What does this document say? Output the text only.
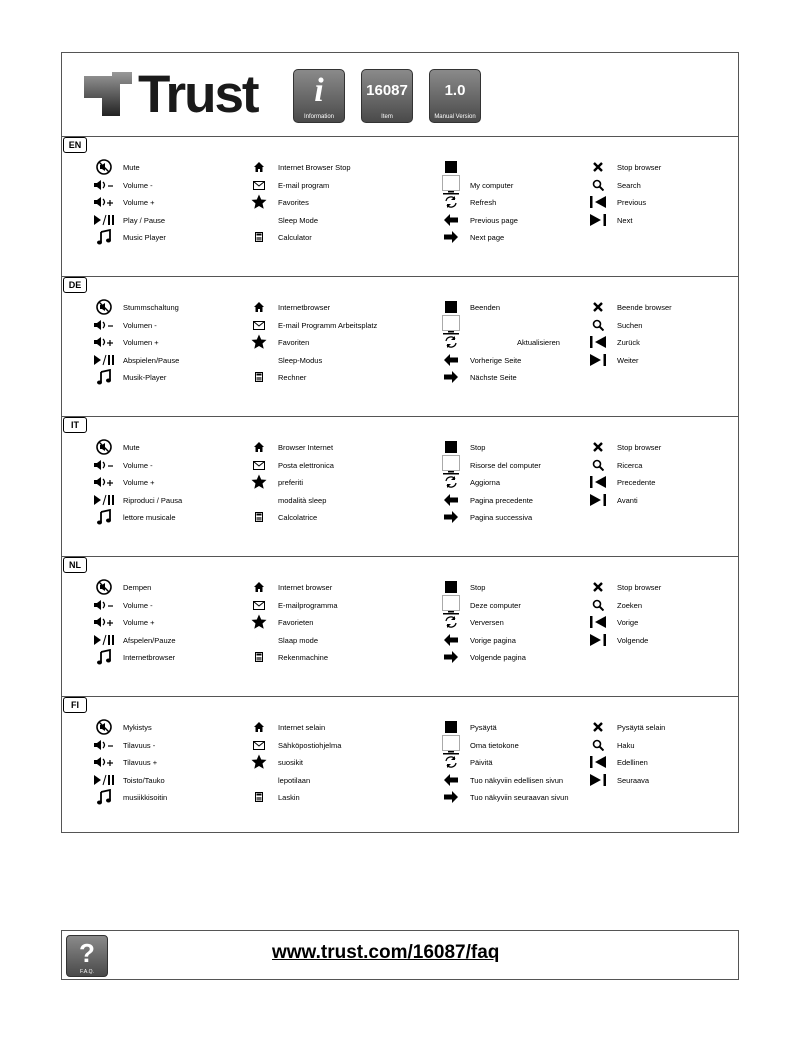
Trust	i
Information
16087
Item
1.0
Manual Version
EN
Mute
Volume -
Volume +
Play / Pause
Music Player
Internet Browser Stop
E-mail program
Favorites
Sleep Mode
Calculator
My computer
Refresh
Previous page
Next page
Stop browser
Search
Previous
Next
DE
Stummschaltung
Volumen -
Volumen +
Abspielen/Pause
Musik-Player
Internetbrowser
E-mail Programm Arbeitsplatz
Favoriten
Sleep-Modus
Rechner
Beenden
Aktualisieren
Vorherige Seite
Nächste Seite
Beende browser
Suchen
Zurück
Weiter
IT
Mute
Volume -
Volume +
Riproduci / Pausa
lettore musicale
Browser Internet
Posta elettronica
preferiti
modalità sleep
Calcolatrice
Stop
Risorse del computer
Aggiorna
Pagina precedente
Pagina successiva
Stop browser
Ricerca
Precedente
Avanti
NL
Dempen
Volume -
Volume +
Afspelen/Pauze
Internetbrowser
Internet browser
E-mailprogramma
Favorieten
Slaap mode
Rekenmachine
Stop
Deze computer
Verversen
Vorige pagina
Volgende pagina
Stop browser
Zoeken
Vorige
Volgende
FI
Mykistys
Tilavuus -
Tilavuus +
Toisto/Tauko
musiikkisoitin
Internet selain
Sähköpostiohjelma
suosikit
lepotilaan
Laskin
Pysäytä
Oma tietokone
Päivitä
Tuo näkyviin edellisen sivun
Tuo näkyviin seuraavan sivun
Pysäytä selain
Haku
Edellinen
Seuraava
?
F.A.Q.
www.trust.com/16087/faq
